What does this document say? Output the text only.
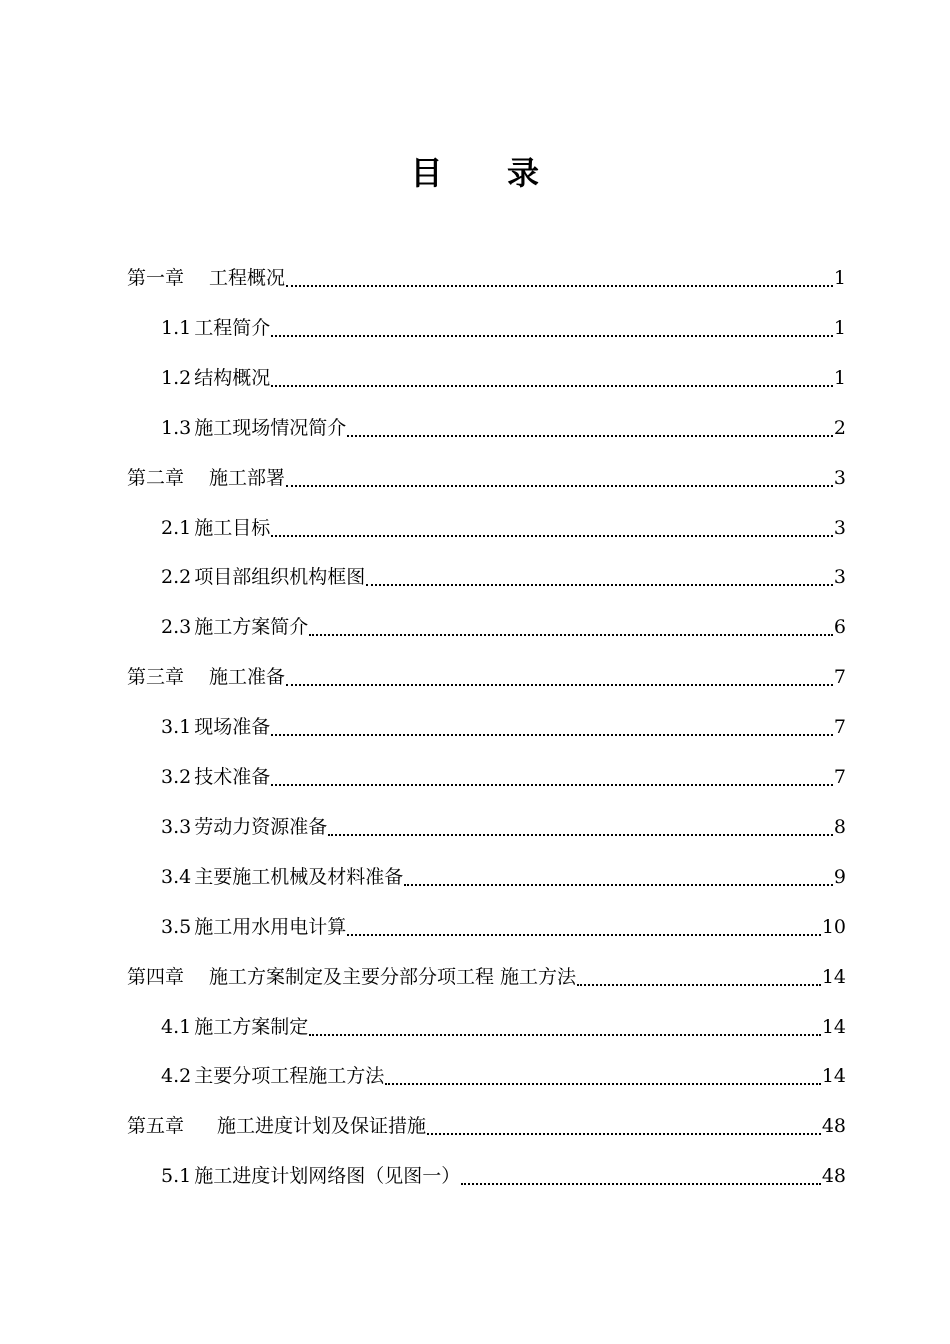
目 录
第一章 工程概况	1
1.1 工程简介	1
1.2 结构概况	1
1.3 施工现场情况简介	2
第二章 施工部署	3
2.1 施工目标	3
2.2 项目部组织机构框图	3
2.3 施工方案简介	6
第三章 施工准备	7
3.1 现场准备	7
3.2 技术准备	7
3.3 劳动力资源准备	8
3.4 主要施工机械及材料准备	9
3.5 施工用水用电计算	10
第四章 施工方案制定及主要分部分项工程 施工方法	14
4.1 施工方案制定	14
4.2 主要分项工程施工方法	14
第五章 施工进度计划及保证措施	48
5.1 施工进度计划网络图（见图一）	48
